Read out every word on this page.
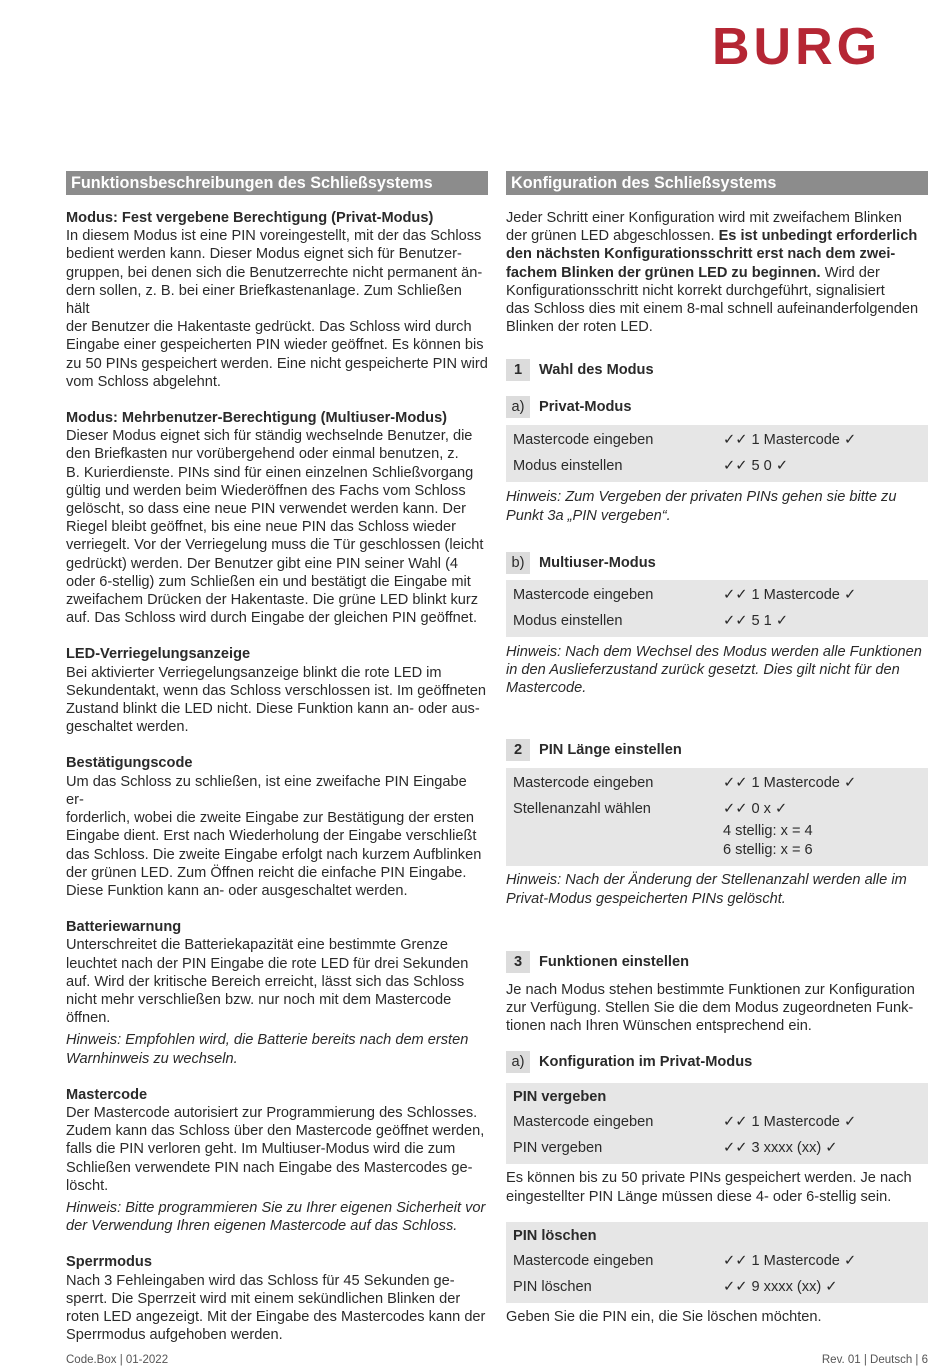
BURG
Funktionsbeschreibungen des Schließsystems
Modus: Fest vergebene Berechtigung (Privat-Modus)
In diesem Modus ist eine PIN voreingestellt, mit der das Schloss
bedient werden kann. Dieser Modus eignet sich für Benutzer-
gruppen, bei denen sich die Benutzerrechte nicht permanent än-
dern sollen, z. B. bei einer Briefkastenanlage. Zum Schließen hält
der Benutzer die Hakentaste gedrückt. Das Schloss wird durch
Eingabe einer gespeicherten PIN wieder geöffnet. Es können bis
zu 50 PINs gespeichert werden. Eine nicht gespeicherte PIN wird
vom Schloss abgelehnt.
Modus: Mehrbenutzer-Berechtigung (Multiuser-Modus)
Dieser Modus eignet sich für ständig wechselnde Benutzer, die
den Briefkasten nur vorübergehend oder einmal benutzen, z.
B. Kurierdienste. PINs sind für einen einzelnen Schließvorgang
gültig und werden beim Wiederöffnen des Fachs vom Schloss
gelöscht, so dass eine neue PIN verwendet werden kann. Der
Riegel bleibt geöffnet, bis eine neue PIN das Schloss wieder
verriegelt. Vor der Verriegelung muss die Tür geschlossen (leicht
gedrückt) werden. Der Benutzer gibt eine PIN seiner Wahl (4
oder 6-stellig) zum Schließen ein und bestätigt die Eingabe mit
zweifachem Drücken der Hakentaste. Die grüne LED blinkt kurz
auf. Das Schloss wird durch Eingabe der gleichen PIN geöffnet.
LED-Verriegelungsanzeige
Bei aktivierter Verriegelungsanzeige blinkt die rote LED im
Sekundentakt, wenn das Schloss verschlossen ist. Im geöffneten
Zustand blinkt die LED nicht. Diese Funktion kann an- oder aus-
geschaltet werden.
Bestätigungscode
Um das Schloss zu schließen, ist eine zweifache PIN Eingabe er-
forderlich, wobei die zweite Eingabe zur Bestätigung der ersten
Eingabe dient. Erst nach Wiederholung der Eingabe verschließt
das Schloss. Die zweite Eingabe erfolgt nach kurzem Aufblinken
der grünen LED. Zum Öffnen reicht die einfache PIN Eingabe.
Diese Funktion kann an- oder ausgeschaltet werden.
Batteriewarnung
Unterschreitet die Batteriekapazität eine bestimmte Grenze
leuchtet nach der PIN Eingabe die rote LED für drei Sekunden
auf. Wird der kritische Bereich erreicht, lässt sich das Schloss
nicht mehr verschließen bzw. nur noch mit dem Mastercode
öffnen.
Hinweis: Empfohlen wird, die Batterie bereits nach dem ersten
Warnhinweis zu wechseln.
Mastercode
Der Mastercode autorisiert zur Programmierung des Schlosses.
Zudem kann das Schloss über den Mastercode geöffnet werden,
falls die PIN verloren geht. Im Multiuser-Modus wird die zum
Schließen verwendete PIN nach Eingabe des Mastercodes ge-
löscht.
Hinweis: Bitte programmieren Sie zu Ihrer eigenen Sicherheit vor
der Verwendung Ihren eigenen Mastercode auf das Schloss.
Sperrmodus
Nach 3 Fehleingaben wird das Schloss für 45 Sekunden ge-
sperrt. Die Sperrzeit wird mit einem sekündlichen Blinken der
roten LED angezeigt. Mit der Eingabe des Mastercodes kann der
Sperrmodus aufgehoben werden.
Konfiguration des Schließsystems
Jeder Schritt einer Konfiguration wird mit zweifachem Blinken
der grünen LED abgeschlossen. Es ist unbedingt erforderlich
den nächsten Konfigurationsschritt erst nach dem zwei-
fachem Blinken der grünen LED zu beginnen. Wird der
Konfigurationsschritt nicht korrekt durchgeführt, signalisiert
das Schloss dies mit einem 8-mal schnell aufeinanderfolgenden
Blinken der roten LED.
1	Wahl des Modus
a) Privat-Modus
Mastercode eingeben	✓✓ 1 Mastercode ✓
Modus einstellen	✓✓ 5 0 ✓
Hinweis: Zum Vergeben der privaten PINs gehen sie bitte zu
Punkt 3a „PIN vergeben“.
b) Multiuser-Modus
Mastercode eingeben	✓✓ 1 Mastercode ✓
Modus einstellen	✓✓ 5 1 ✓
Hinweis: Nach dem Wechsel des Modus werden alle Funktionen
in den Auslieferzustand zurück gesetzt. Dies gilt nicht für den
Mastercode.
2	PIN Länge einstellen
Mastercode eingeben	✓✓ 1 Mastercode ✓
Stellenanzahl wählen	✓✓ 0 x ✓
4 stellig: x = 4
6 stellig: x = 6
Hinweis: Nach der Änderung der Stellenanzahl werden alle im
Privat-Modus gespeicherten PINs gelöscht.
3	Funktionen einstellen
Je nach Modus stehen bestimmte Funktionen zur Konfiguration
zur Verfügung. Stellen Sie die dem Modus zugeordneten Funk-
tionen nach Ihren Wünschen entsprechend ein.
a) Konfiguration im Privat-Modus
PIN vergeben
Mastercode eingeben	✓✓ 1 Mastercode ✓
PIN vergeben	✓✓ 3 xxxx (xx) ✓
Es können bis zu 50 private PINs gespeichert werden. Je nach
eingestellter PIN Länge müssen diese 4- oder 6-stellig sein.
PIN löschen
Mastercode eingeben	✓✓ 1 Mastercode ✓
PIN löschen	✓✓ 9 xxxx (xx) ✓
Geben Sie die PIN ein, die Sie löschen möchten.
Code.Box | 01-2022	Rev. 01 | Deutsch | 6
